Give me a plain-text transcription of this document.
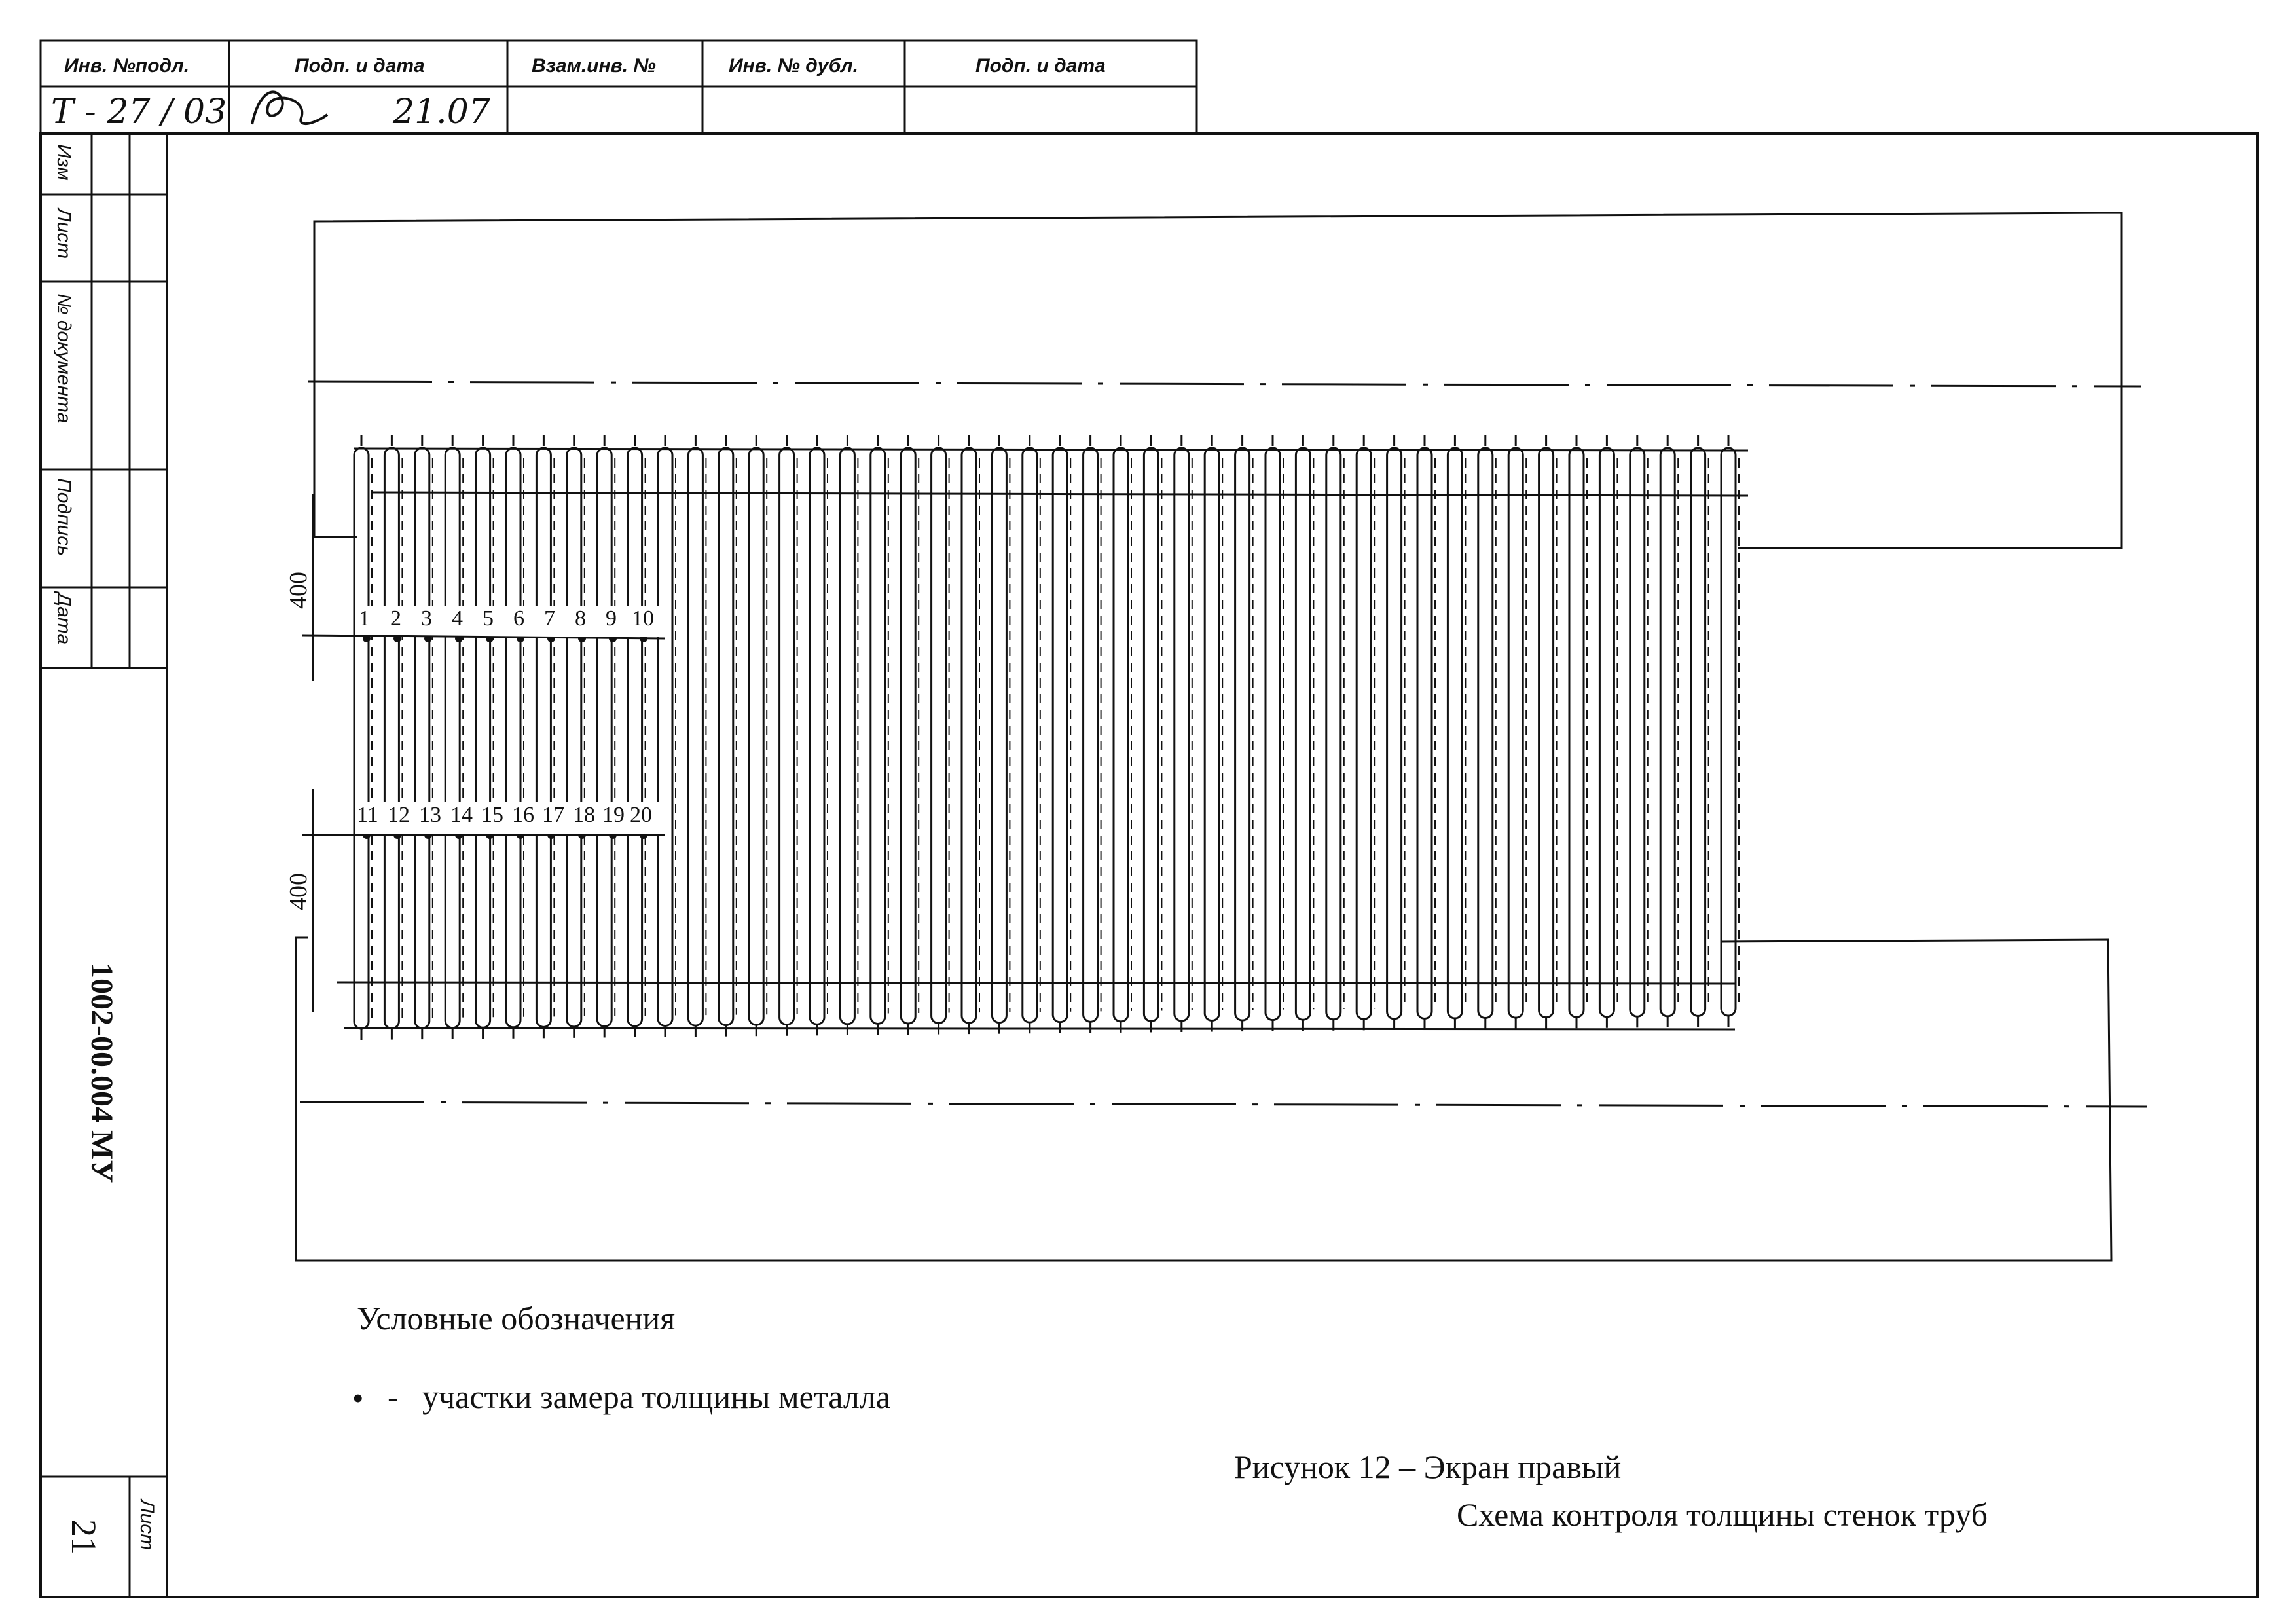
Инв. №подл.	Подп. и дата	Взам.инв. №	Инв. № дубл.	Подп. и дата
Т - 27 / 03	21.07
Изм
Лист
№ документа
Подпись
Дата
1002-00.004 МУ
Лист
21
400
400
1 2 3 4 5 6 7 8 9 10
11 12 13 14 15 16 17 18 19 20
Условные обозначения
• - участки замера толщины металла
Рисунок 12 – Экран правый
Схема контроля толщины стенок труб
